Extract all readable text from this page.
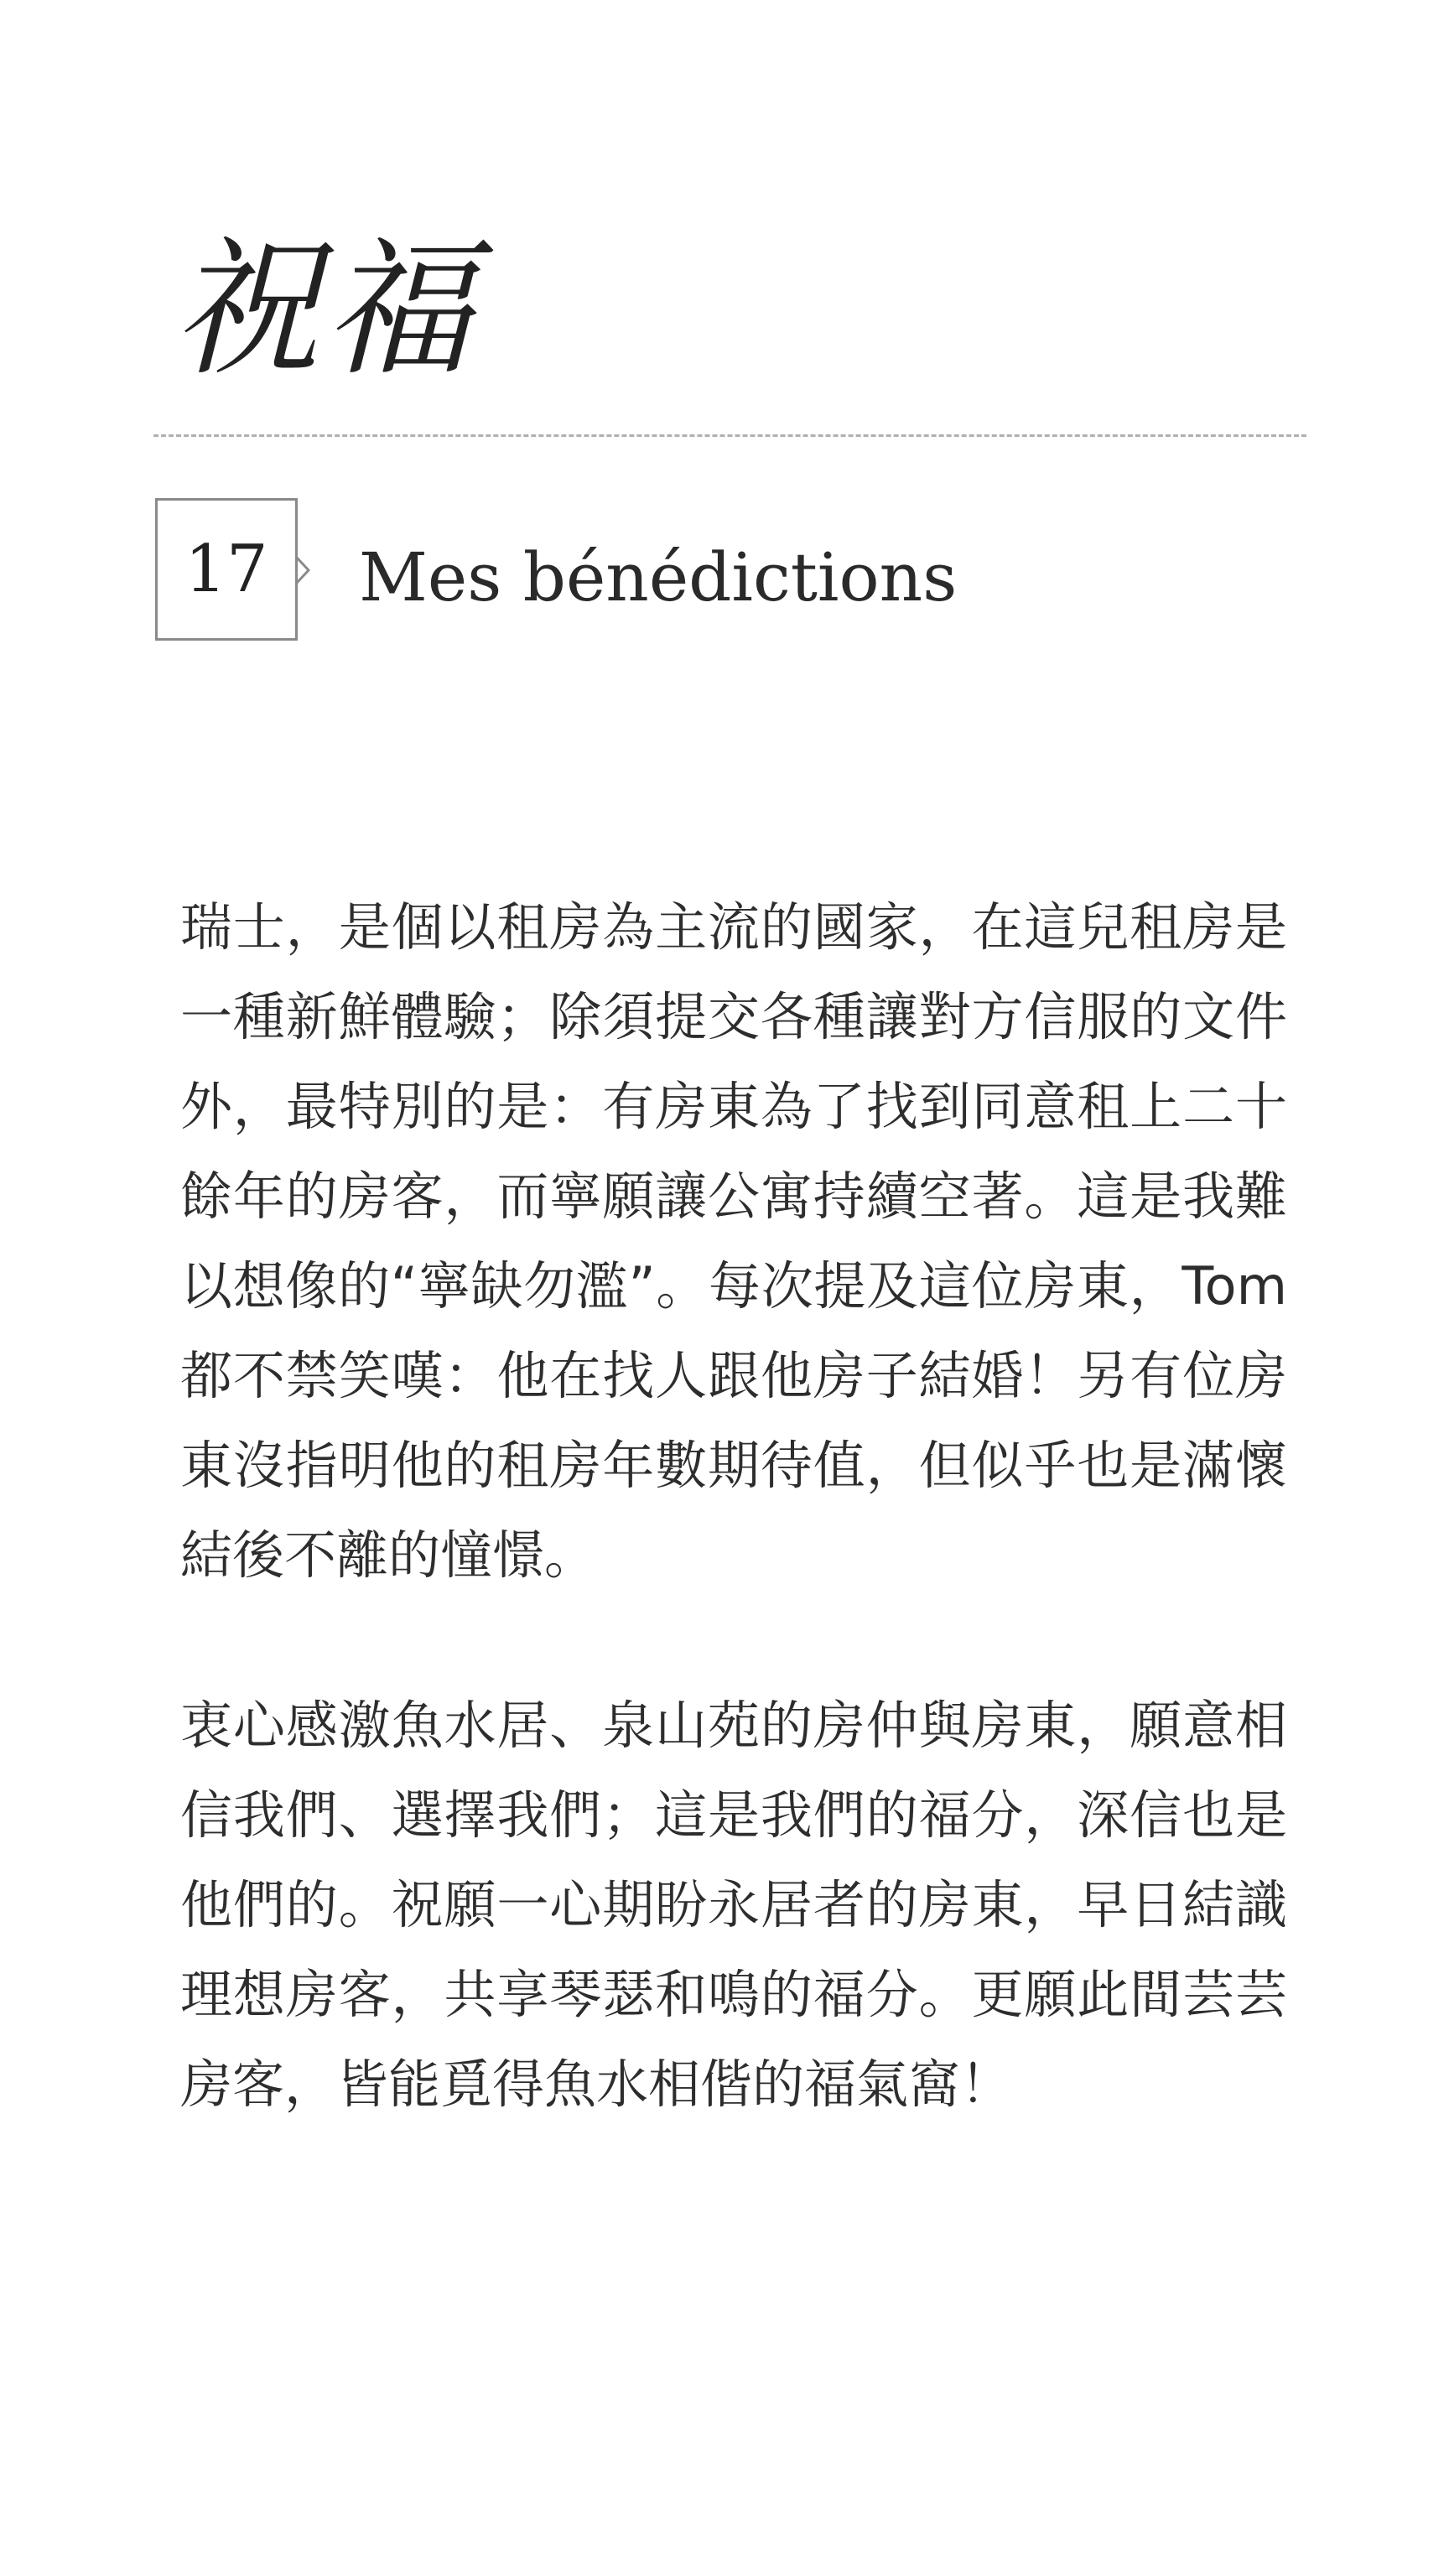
祝福
17	Mes bénédictions

瑞士，是個以租房為主流的國家，在這兒租房是一種新鮮體驗；除須提交各種讓對方信服的文件外，最特別的是：有房東為了找到同意租上二十餘年的房客，而寧願讓公寓持續空著。這是我難以想像的“寧缺勿濫”。每次提及這位房東，Tom都不禁笑嘆：他在找人跟他房子結婚！另有位房東沒指明他的租房年數期待值，但似乎也是滿懷結後不離的憧憬。

衷心感激魚水居、泉山苑的房仲與房東，願意相信我們、選擇我們；這是我們的福分，深信也是他們的。祝願一心期盼永居者的房東，早日結識理想房客，共享琴瑟和鳴的福分。更願此間芸芸房客，皆能覓得魚水相偕的福氣窩！
